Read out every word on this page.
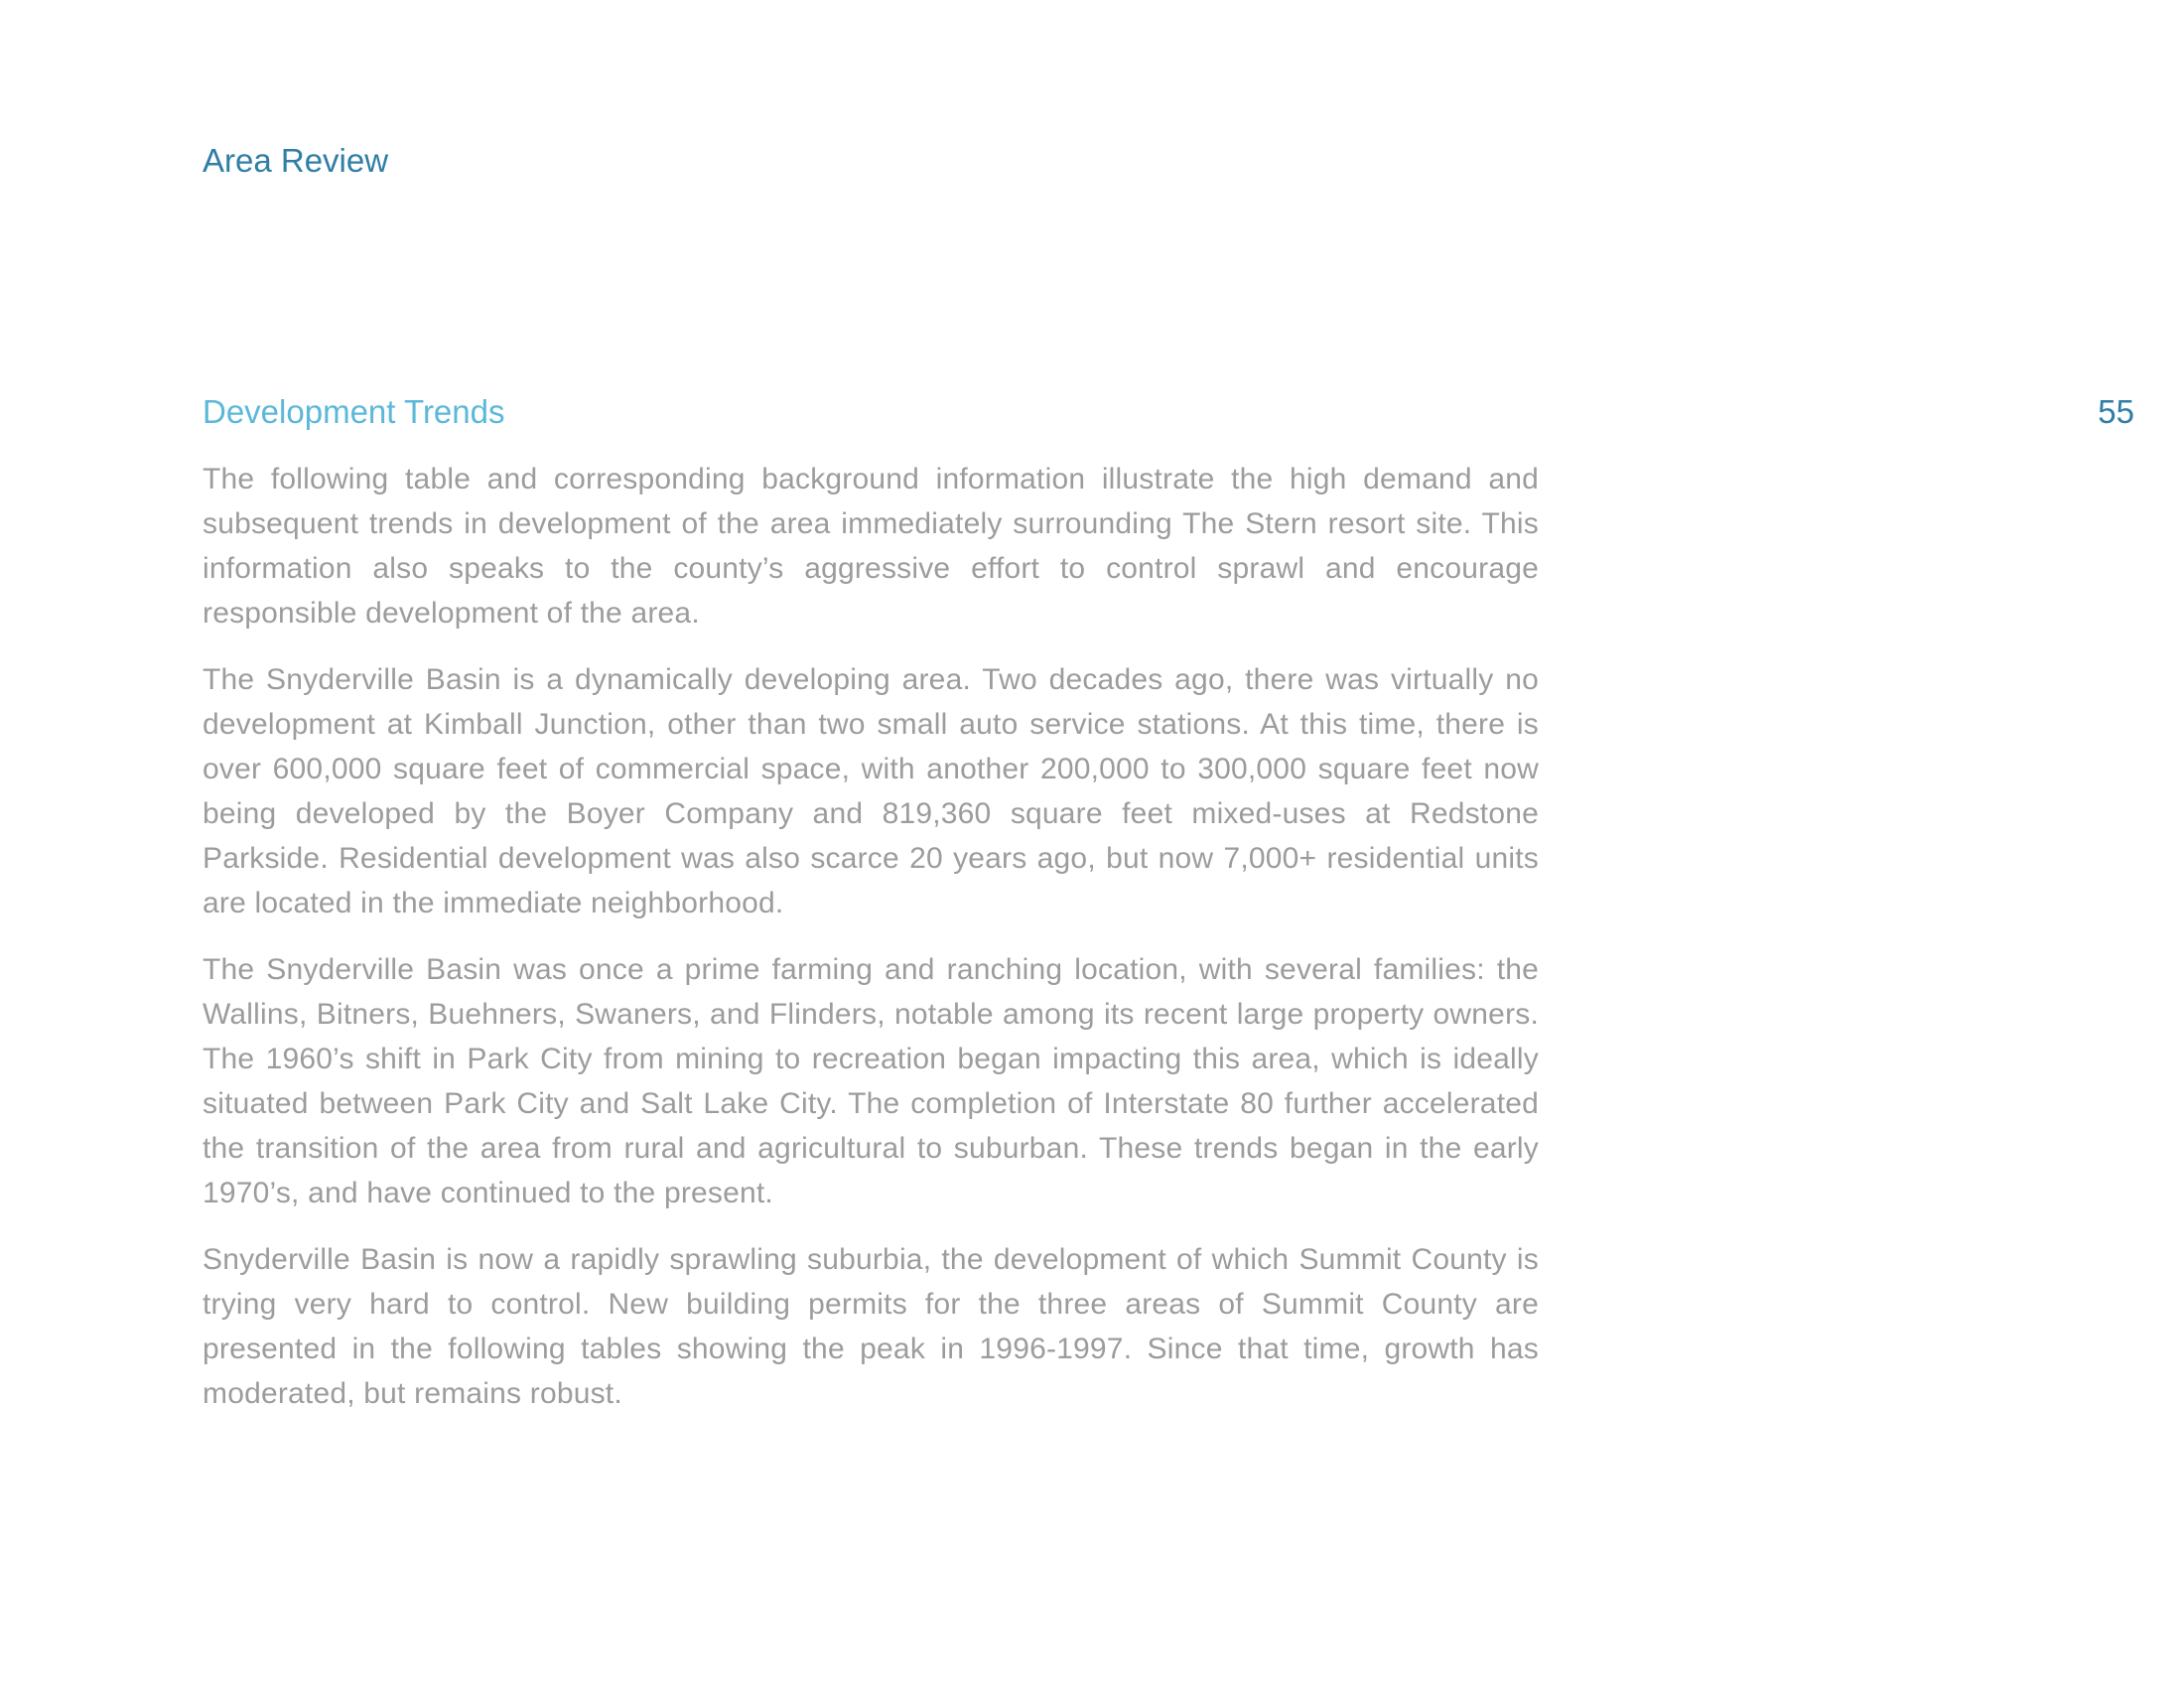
Area Review
Development Trends	55

The following table and corresponding background information illustrate the high demand and subsequent trends in development of the area immediately surrounding The Stern resort site. This information also speaks to the county’s aggressive effort to control sprawl and encourage responsible development of the area.

The Snyderville Basin is a dynamically developing area. Two decades ago, there was virtually no development at Kimball Junction, other than two small auto service stations. At this time, there is over 600,000 square feet of commercial space, with another 200,000 to 300,000 square feet now being developed by the Boyer Company and 819,360 square feet mixed-uses at Redstone Parkside. Residential development was also scarce 20 years ago, but now 7,000+ residential units are located in the immediate neighborhood.

The Snyderville Basin was once a prime farming and ranching location, with several families: the Wallins, Bitners, Buehners, Swaners, and Flinders, notable among its recent large property owners. The 1960’s shift in Park City from mining to recreation began impacting this area, which is ideally situated between Park City and Salt Lake City. The completion of Interstate 80 further accelerated the transition of the area from rural and agricultural to suburban. These trends began in the early 1970’s, and have continued to the present.

Snyderville Basin is now a rapidly sprawling suburbia, the development of which Summit County is trying very hard to control. New building permits for the three areas of Summit County are presented in the following tables showing the peak in 1996-1997. Since that time, growth has moderated, but remains robust.
